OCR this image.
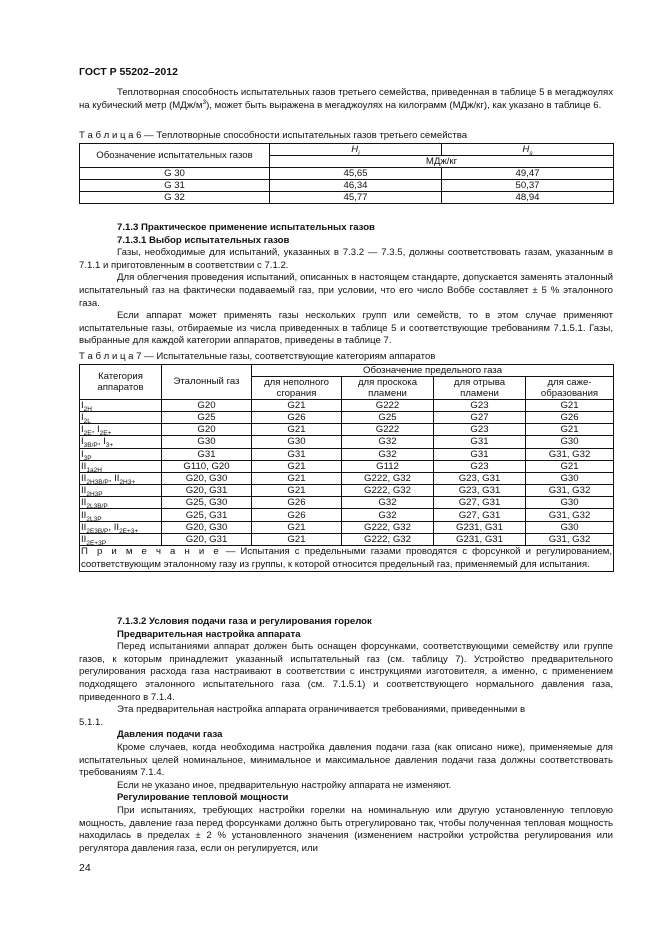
ГОСТ Р 55202–2012

Теплотворная способность испытательных газов третьего семейства, приведенная в таблице 5 в мегаджоулях на кубический метр $(МДж/м^3)$, может быть выражена в мегаджоулях на килограмм (МДж/кг), как указано в таблице 6.

Т а б л и ц а 6 — Теплотворные способности испытательных газов третьего семейства

Обозначение испытательных газов	$H_i$	$H_s$
	МДж/кг	
G 30	45,65	49,47
G 31	46,34	50,37
G 32	45,77	48,94

7.1.3 Практическое применение испытательных газов

7.1.3.1 Выбор испытательных газов

Газы, необходимые для испытаний, указанных в 7.3.2 — 7.3.5, должны соответствовать газам, указанным в 7.1.1 и приготовленным в соответствии с 7.1.2.

Для облегчения проведения испытаний, описанных в настоящем стандарте, допускается заменять эталонный испытательный газ на фактически подаваемый газ, при условии, что его число Воббе составляет ± 5 % эталонного газа.

Если аппарат может применять газы нескольких групп или семейств, то в этом случае применяют испытательные газы, отбираемые из числа приведенных в таблице 5 и соответствующие требованиям 7.1.5.1. Газы, выбранные для каждой категории аппаратов, приведены в таблице 7.

Т а б л и ц а 7 — Испытательные газы, соответствующие категориям аппаратов

Категория аппаратов	Эталонный газ	Обозначение предельного газа			
		для неполного сгорания	для проскока пламени	для отрыва пламени	для саже-образования
$I_{2H}$	G20	G21	G222	G23	G21
$I_{2L}$	G25	G26	G25	G27	G26
$I_{2E}$, $I_{2E+}$	G20	G21	G222	G23	G21
$I_{3B/P}$, $I_{3+}$	G30	G30	G32	G31	G30
$I_{3P}$	G31	G31	G32	G31	G31, G32
$II_{1a2H}$	G110, G20	G21	G112	G23	G21
$II_{2H3B/P}$, $II_{2H3+}$	G20, G30	G21	G222, G32	G23, G31	G30
$II_{2H3P}$	G20, G31	G21	G222, G32	G23, G31	G31, G32
$II_{2L3B/P}$	G25, G30	G26	G32	G27, G31	G30
$II_{2L3P}$	G25, G31	G26	G32	G27, G31	G31, G32
$II_{2E3B/P}$, $II_{2E+3+}$	G20, G30	G21	G222, G32	G231, G31	G30
$II_{2E+3P}$	G20, G31	G21	G222, G32	G231, G31	G31, G32
П р и м е ч а н и е — Испытания с предельными газами проводятся с форсункой и регулированием, соответствующим эталонному газу из группы, к которой относится предельный газ, применяемый для испытания.					

7.1.3.2 Условия подачи газа и регулирования горелок

Предварительная настройка аппарата

Перед испытаниями аппарат должен быть оснащен форсунками, соответствующими семейству или группе газов, к которым принадлежит указанный испытательный газ (см. таблицу 7). Устройство предварительного регулирования расхода газа настраивают в соответствии с инструкциями изготовителя, а именно, с применением подходящего эталонного испытательного газа (см. 7.1.5.1) и соответствующего нормального давления газа, приведенного в 7.1.4.

Эта предварительная настройка аппарата ограничивается требованиями, приведенными в

5.1.1.

Давления подачи газа

Кроме случаев, когда необходима настройка давления подачи газа (как описано ниже), применяемые для испытательных целей номинальное, минимальное и максимальное давления подачи газа должны соответствовать требованиям 7.1.4.

Если не указано иное, предварительную настройку аппарата не изменяют.

Регулирование тепловой мощности

При испытаниях, требующих настройки горелки на номинальную или другую установленную тепловую мощность, давление газа перед форсунками должно быть отрегулировано так, чтобы полученная тепловая мощность находилась в пределах ± 2 % установленного значения (изменением настройки устройства регулирования или регулятора давления газа, если он регулируется, или

24
